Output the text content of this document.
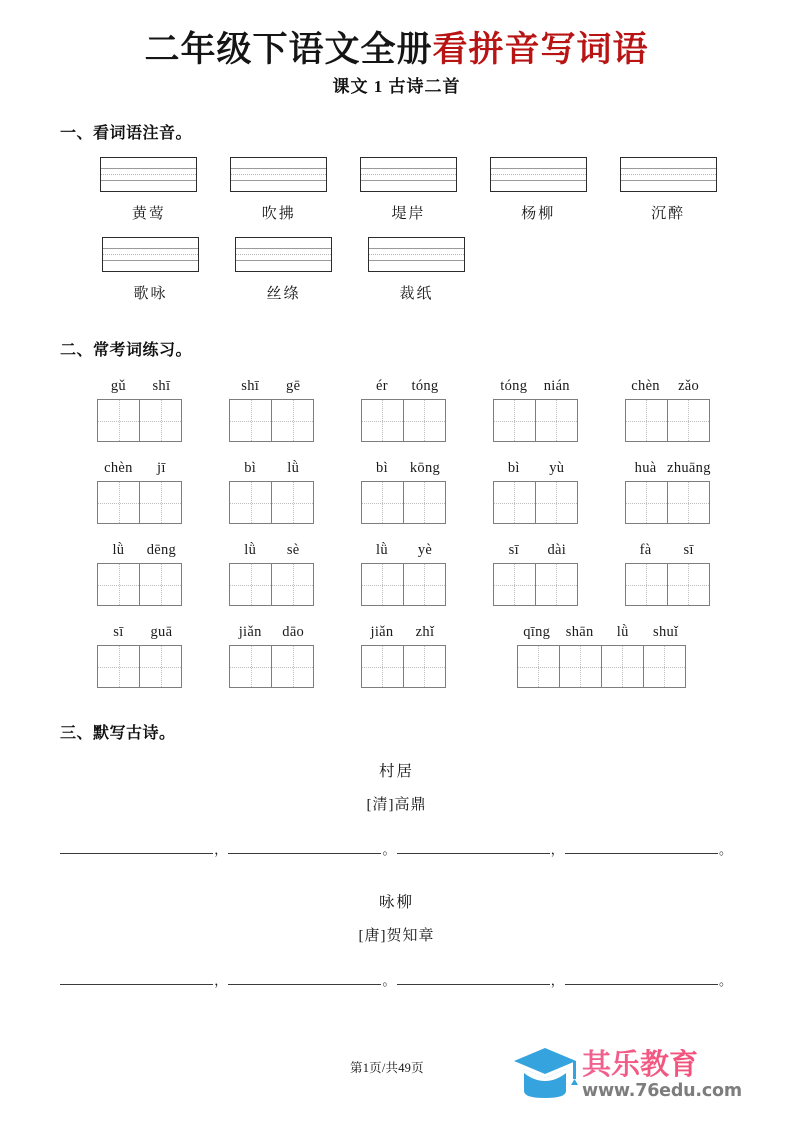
二年级下语文全册看拼音写词语
课文 1 古诗二首
一、看词语注音。
黄莺	吹拂	堤岸	杨柳	沉醉
歌咏	丝绦	裁纸
二、常考词练习。
gǔ shī	shī gē	ér tóng	tóng nián	chèn zǎo
chèn jī	bì lǜ	bì kōng	bì yù	huà zhuāng
lǜ dēng	lǜ sè	lǜ yè	sī dài	fà sī
sī guā	jiǎn dāo	jiǎn zhǐ	qīng shān lǜ shuǐ
三、默写古诗。
村居
[清]高鼎
，	。	，	。
咏柳
[唐]贺知章
，	。	，	。
第1页/共49页	其乐教育
www.76edu.com
